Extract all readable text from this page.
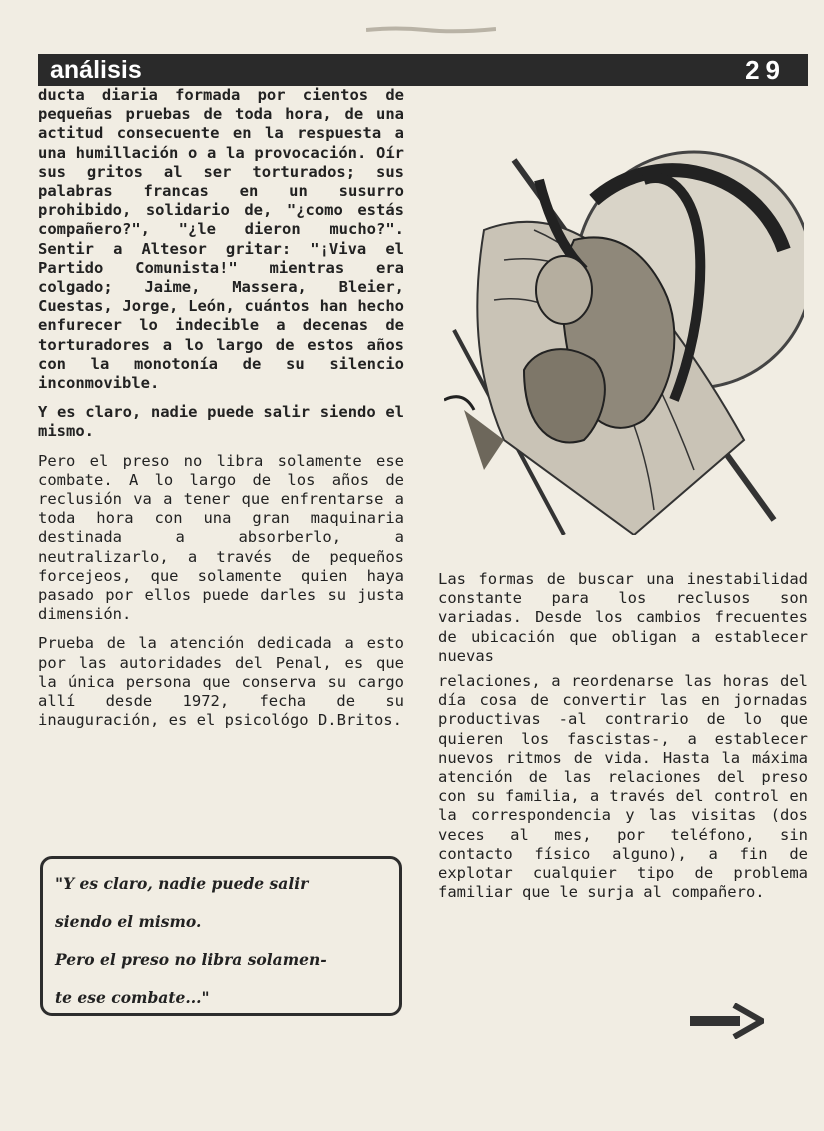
análisis	29

ducta diaria formada por cientos de pequeñas pruebas de toda hora, de una actitud consecuente en la respuesta a una humillación o a la provocación. Oír sus gritos al ser torturados; sus palabras francas en un susurro prohibido, solidario de, "¿como estás compañero?", "¿le dieron mucho?". Sentir a Altesor gritar: "¡Viva el Partido Comunista!" mientras era colgado; Jaime, Massera, Bleier, Cuestas, Jorge, León, cuántos han hecho enfurecer lo indecible a decenas de torturadores a lo largo de estos años con la monotonía de su silencio inconmovible.

Y es claro, nadie puede salir siendo el mismo.

Pero el preso no libra solamente ese combate. A lo largo de los años de reclusión va a tener que enfrentarse a toda hora con una gran maquinaria destinada a absorberlo, a neutralizarlo, a través de pequeños forcejeos, que solamente quien haya pasado por ellos puede darles su justa dimensión.

Prueba de la atención dedicada a esto por las autoridades del Penal, es que la única persona que conserva su cargo allí desde 1972, fecha de su inauguración, es el psicológo D.Britos.

Las formas de buscar una inestabilidad constante para los reclusos son variadas. Desde los cambios frecuentes de ubicación que obligan a establecer nuevas

relaciones, a reordenarse las horas del día cosa de convertir las en jornadas productivas -al contrario de lo que quieren los fascistas-, a establecer nuevos ritmos de vida. Hasta la máxima atención de las relaciones del preso con su familia, a través del control en la correspondencia y las visitas (dos veces al mes, por teléfono, sin contacto físico alguno), a fin de explotar cualquier tipo de problema familiar que le surja al compañero.

"Y es claro, nadie puede salir
siendo el mismo.
Pero el preso no libra solamen-
te ese combate..."
